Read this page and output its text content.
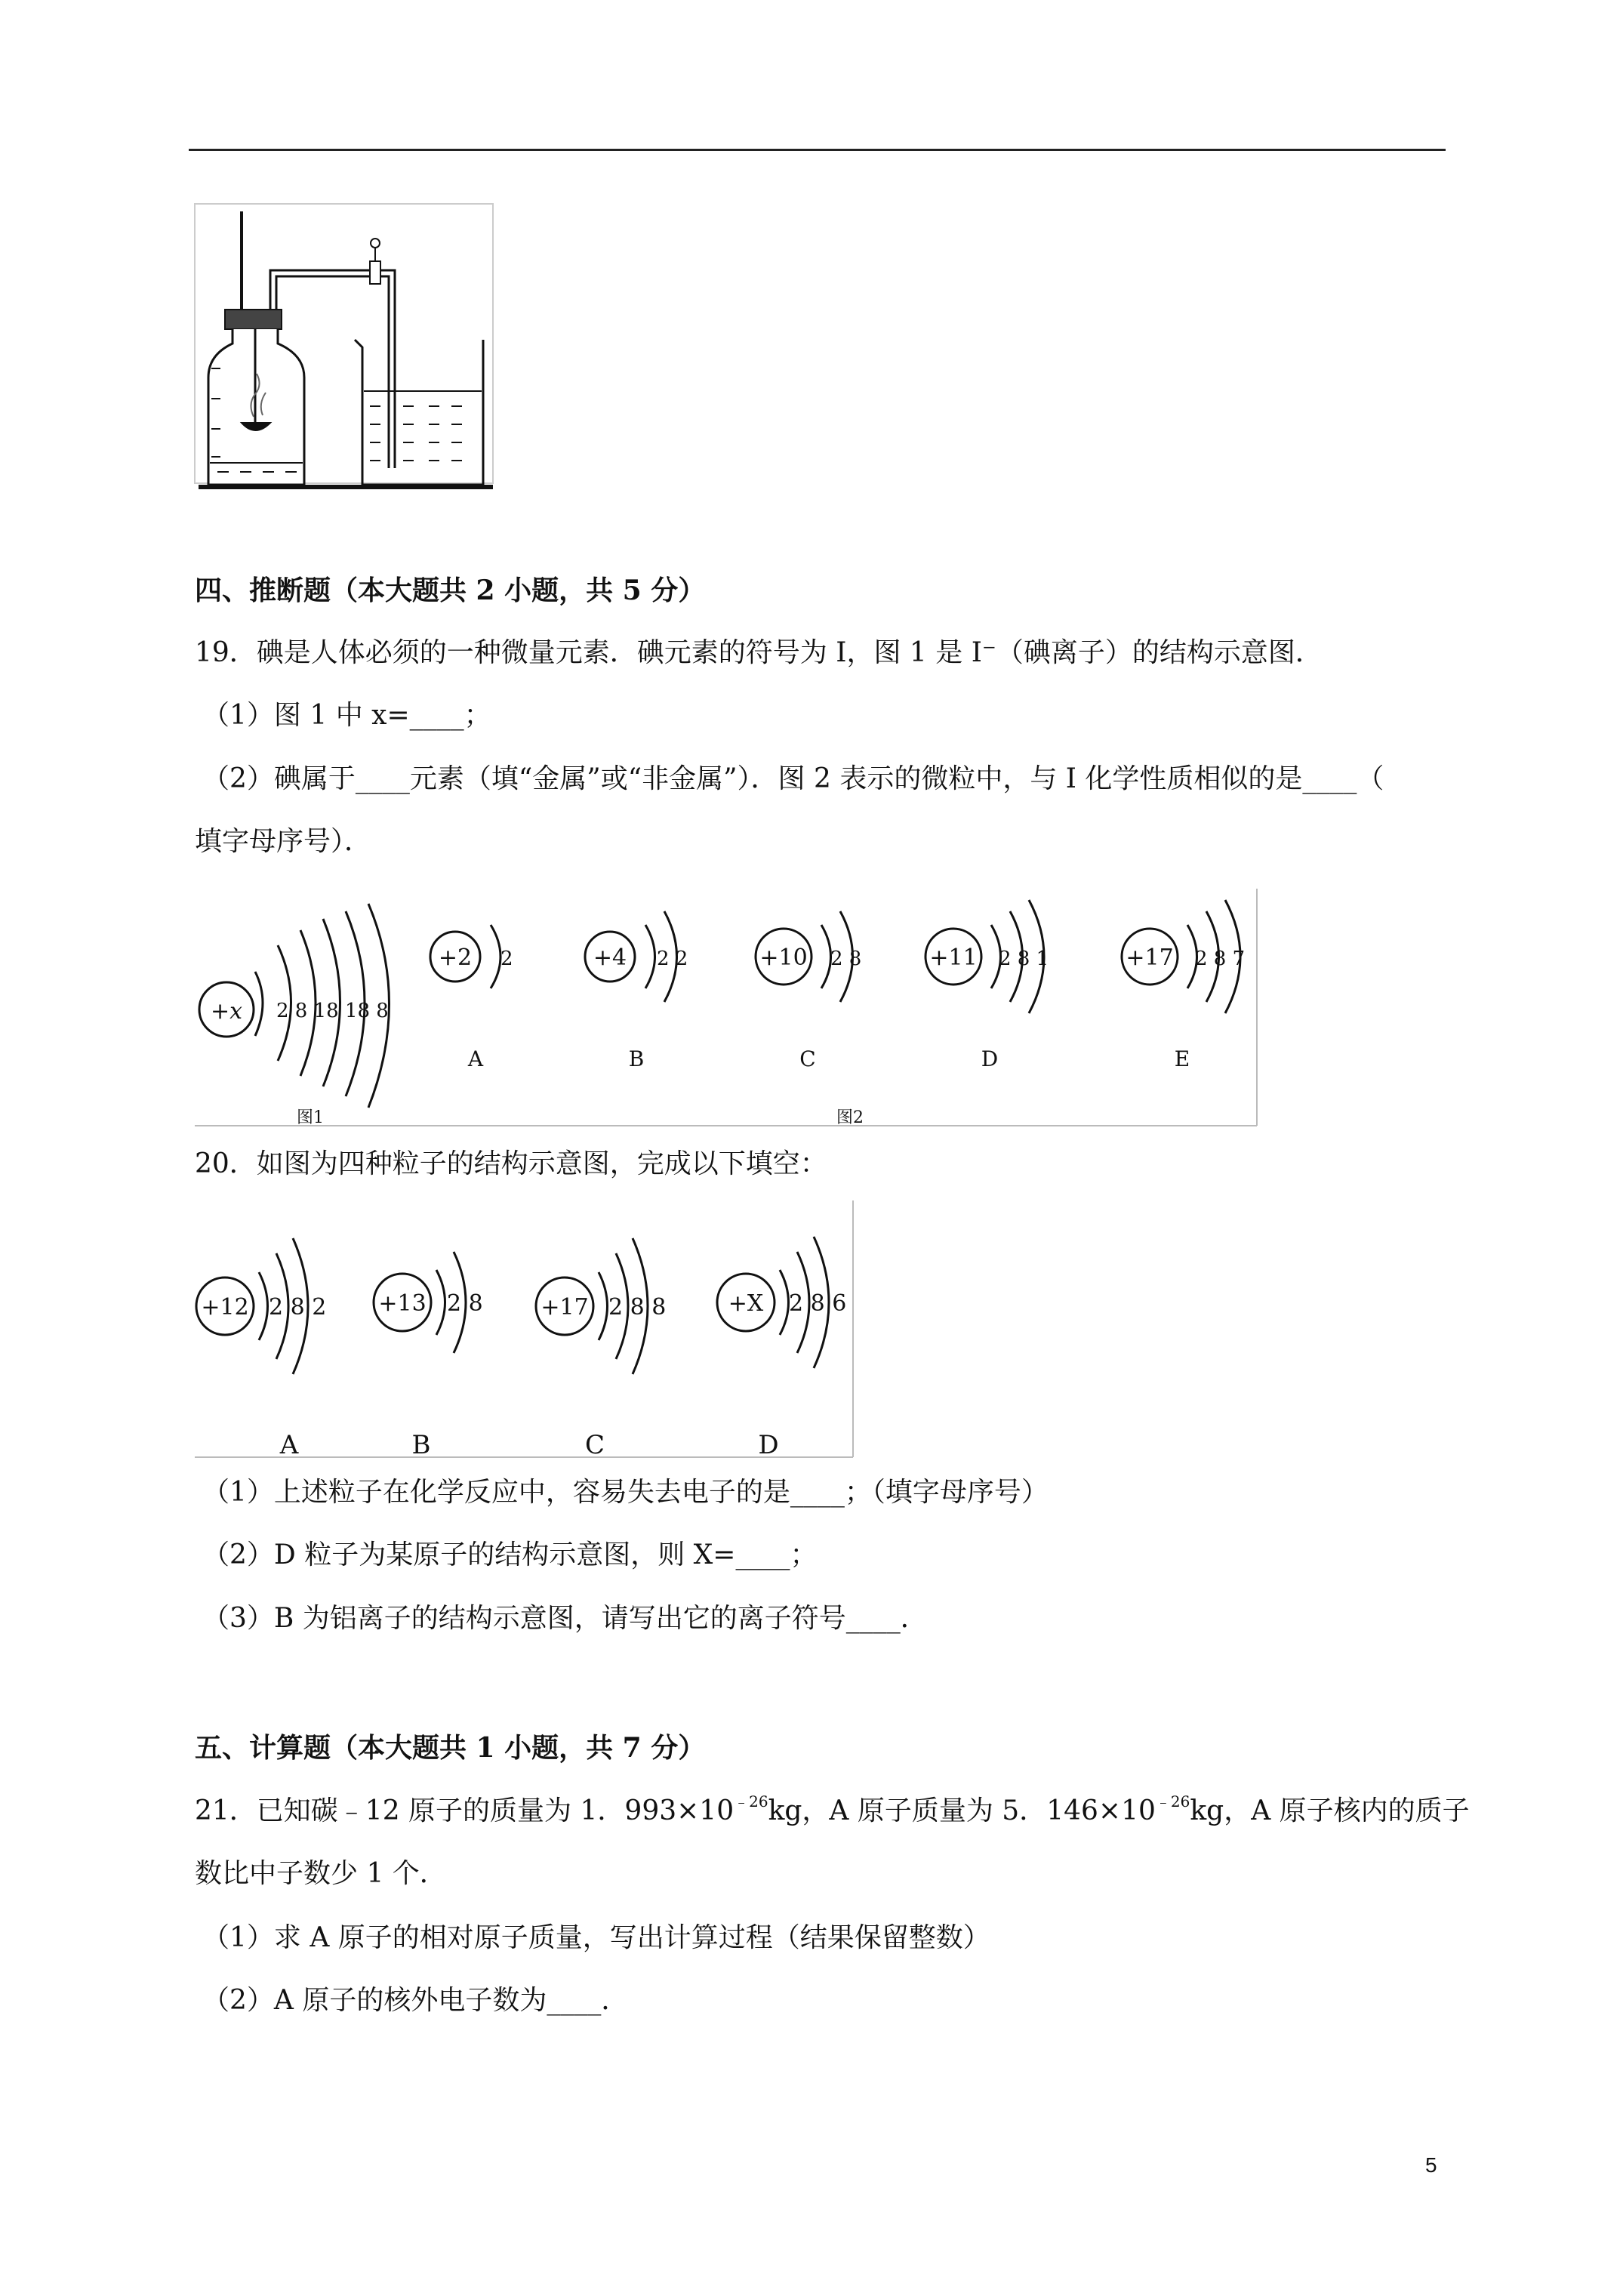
四、推断题（本大题共 2 小题，共 5 分）
19．碘是人体必须的一种微量元素．碘元素的符号为 I，图 1 是 I⁻（碘离子）的结构示意图．
（1）图 1 中 x=____；
（2）碘属于____元素（填“金属”或“非金属”）．图 2 表示的微粒中，与 I 化学性质相似的是____（
填字母序号）．
+x 2 8 18 18 8
图1
+2 2
A
+4 2 2
B
+10 2 8
C
+11 2 8 1
D
+17 2 8 7
E
图2
20．如图为四种粒子的结构示意图，完成以下填空：
+12 2 8 2
A
+13 2 8
B
+17 2 8 8
C
+X 2 8 6
D
（1）上述粒子在化学反应中，容易失去电子的是____；（填字母序号）
（2）D 粒子为某原子的结构示意图，则 X=____；
（3）B 为铝离子的结构示意图，请写出它的离子符号____．
五、计算题（本大题共 1 小题，共 7 分）
21．已知碳﹣12 原子的质量为 1．$993\times 10^{﹣26}kg$，A 原子质量为 5．$146\times 10^{﹣26}kg$，A 原子核内的质子
数比中子数少 1 个．
（1）求 A 原子的相对原子质量，写出计算过程（结果保留整数）
（2）A 原子的核外电子数为____．
5
